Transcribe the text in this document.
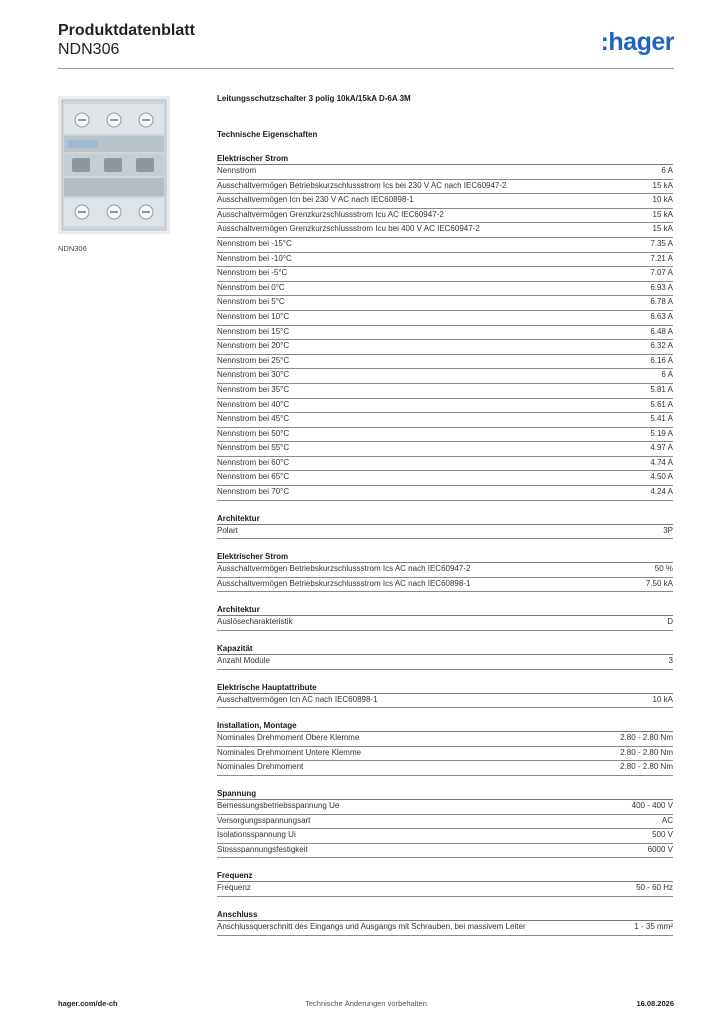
Produktdatenblatt
NDN306	:hager
NDN306
Leitungsschutzschalter 3 polig 10kA/15kA D-6A 3M
Technische Eigenschaften
Elektrischer Strom
Nennstrom	6 A
Ausschaltvermögen Betriebskurzschlussstrom Ics bei 230 V AC nach IEC60947-2	15 kA
Ausschaltvermögen Icn bei 230 V AC nach IEC60898-1	10 kA
Ausschaltvermögen Grenzkurzschlussstrom Icu AC IEC60947-2	15 kA
Ausschaltvermögen Grenzkurzschlussstrom Icu bei 400 V AC IEC60947-2	15 kA
Nennstrom bei -15°C	7.35 A
Nennstrom bei -10°C	7.21 A
Nennstrom bei -5°C	7.07 A
Nennstrom bei 0°C	6.93 A
Nennstrom bei 5°C	6.78 A
Nennstrom bei 10°C	6.63 A
Nennstrom bei 15°C	6.48 A
Nennstrom bei 20°C	6.32 A
Nennstrom bei 25°C	6.16 A
Nennstrom bei 30°C	6 A
Nennstrom bei 35°C	5.81 A
Nennstrom bei 40°C	5.61 A
Nennstrom bei 45°C	5.41 A
Nennstrom bei 50°C	5.19 A
Nennstrom bei 55°C	4.97 A
Nennstrom bei 60°C	4.74 A
Nennstrom bei 65°C	4.50 A
Nennstrom bei 70°C	4.24 A
Architektur
Polart	3P
Elektrischer Strom
Ausschaltvermögen Betriebskurzschlussstrom Ics AC nach IEC60947-2	50 %
Ausschaltvermögen Betriebskurzschlussstrom Ics AC nach IEC60898-1	7.50 kA
Architektur
Auslösecharakteristik	D
Kapazität
Anzahl Module	3
Elektrische Hauptattribute
Ausschaltvermögen Icn AC nach IEC60898-1	10 kA
Installation, Montage
Nominales Drehmoment Obere Klemme	2.80 - 2.80 Nm
Nominales Drehmoment Untere Klemme	2.80 - 2.80 Nm
Nominales Drehmoment	2.80 - 2.80 Nm
Spannung
Bemessungsbetriebsspannung Ue	400 - 400 V
Versorgungsspannungsart	AC
Isolationsspannung Ui	500 V
Stossspannungsfestigkeit	6000 V
Frequenz
Frequenz	50 - 60 Hz
Anschluss
Anschlussquerschnitt des Eingangs und Ausgangs mit Schrauben, bei massivem Leiter	1 - 35 mm²
hager.com/de-ch	Technische Änderungen vorbehalten	16.08.2026
